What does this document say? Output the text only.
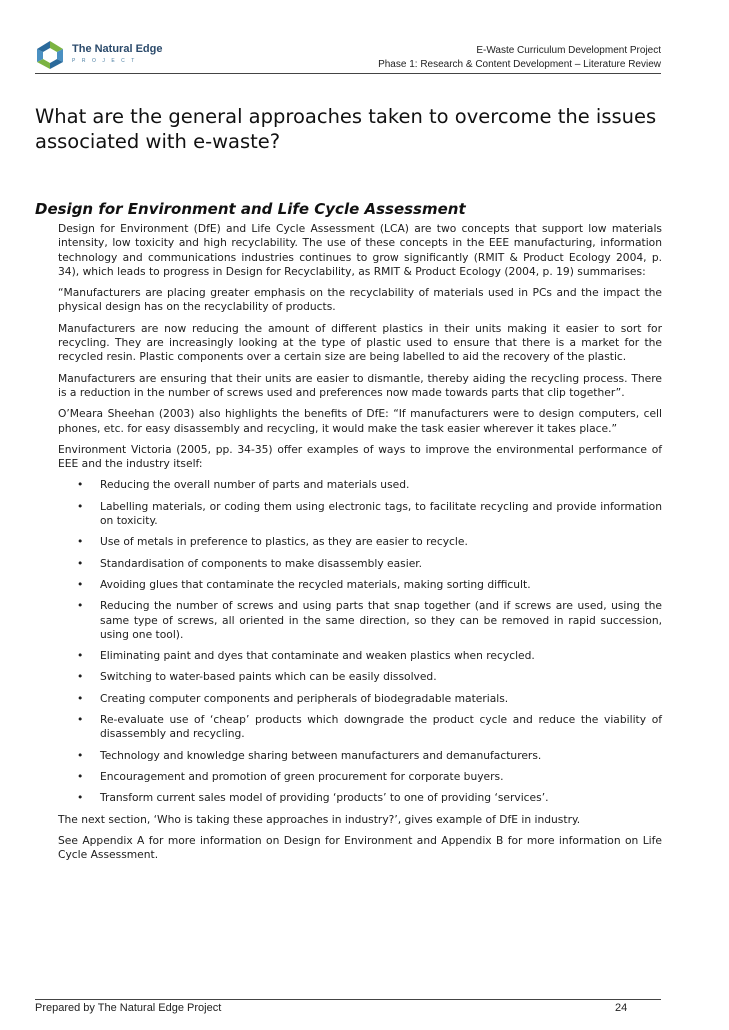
The Natural Edge
PROJECT
E-Waste Curriculum Development Project
Phase 1: Research & Content Development – Literature Review
What are the general approaches taken to overcome the issues associated with e-waste?
Design for Environment and Life Cycle Assessment

Design for Environment (DfE) and Life Cycle Assessment (LCA) are two concepts that support low materials intensity, low toxicity and high recyclability. The use of these concepts in the EEE manufacturing, information technology and communications industries continues to grow significantly (RMIT & Product Ecology 2004, p. 34), which leads to progress in Design for Recyclability, as RMIT & Product Ecology (2004, p. 19) summarises:

“Manufacturers are placing greater emphasis on the recyclability of materials used in PCs and the impact the physical design has on the recyclability of products.

Manufacturers are now reducing the amount of different plastics in their units making it easier to sort for recycling. They are increasingly looking at the type of plastic used to ensure that there is a market for the recycled resin. Plastic components over a certain size are being labelled to aid the recovery of the plastic.

Manufacturers are ensuring that their units are easier to dismantle, thereby aiding the recycling process. There is a reduction in the number of screws used and preferences now made towards parts that clip together”.

O’Meara Sheehan (2003) also highlights the benefits of DfE: “If manufacturers were to design computers, cell phones, etc. for easy disassembly and recycling, it would make the task easier wherever it takes place.”

Environment Victoria (2005, pp. 34-35) offer examples of ways to improve the environmental performance of EEE and the industry itself:

• Reducing the overall number of parts and materials used.
• Labelling materials, or coding them using electronic tags, to facilitate recycling and provide information on toxicity.
• Use of metals in preference to plastics, as they are easier to recycle.
• Standardisation of components to make disassembly easier.
• Avoiding glues that contaminate the recycled materials, making sorting difficult.
• Reducing the number of screws and using parts that snap together (and if screws are used, using the same type of screws, all oriented in the same direction, so they can be removed in rapid succession, using one tool).
• Eliminating paint and dyes that contaminate and weaken plastics when recycled.
• Switching to water-based paints which can be easily dissolved.
• Creating computer components and peripherals of biodegradable materials.
• Re-evaluate use of ‘cheap’ products which downgrade the product cycle and reduce the viability of disassembly and recycling.
• Technology and knowledge sharing between manufacturers and demanufacturers.
• Encouragement and promotion of green procurement for corporate buyers.
• Transform current sales model of providing ‘products’ to one of providing ‘services’.

The next section, ‘Who is taking these approaches in industry?’, gives example of DfE in industry.

See Appendix A for more information on Design for Environment and Appendix B for more information on Life Cycle Assessment.

Prepared by The Natural Edge Project	24
